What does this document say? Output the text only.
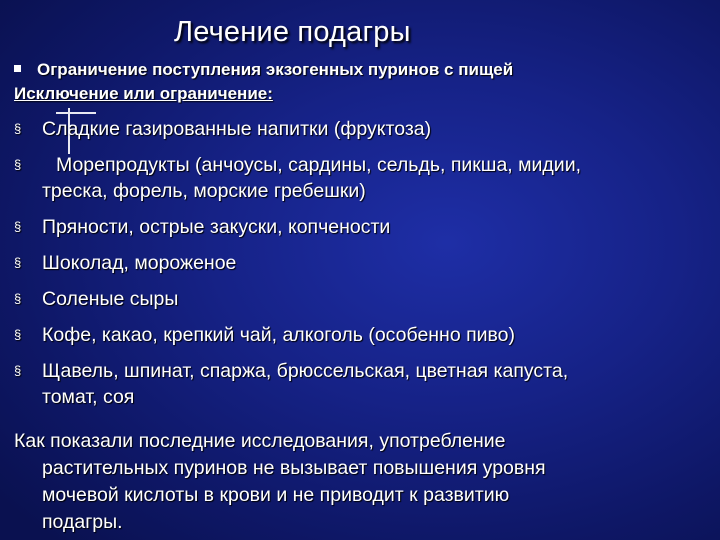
Лечение подагры
Ограничение поступления экзогенных пуринов с пищей
Исключение или ограничение:
§ Сладкие газированные напитки (фруктоза)
§ Морепродукты (анчоусы, сардины, сельдь, пикша, мидии,
треска, форель, морские гребешки)
§ Пряности, острые закуски, копчености
§ Шоколад, мороженое
§ Соленые сыры
§ Кофе, какао, крепкий чай, алкоголь (особенно пиво)
§ Щавель, шпинат, спаржа, брюссельская, цветная капуста,
томат, соя
Как показали последние исследования, употребление
растительных пуринов не вызывает повышения уровня
мочевой кислоты в крови и не приводит к развитию
подагры.
